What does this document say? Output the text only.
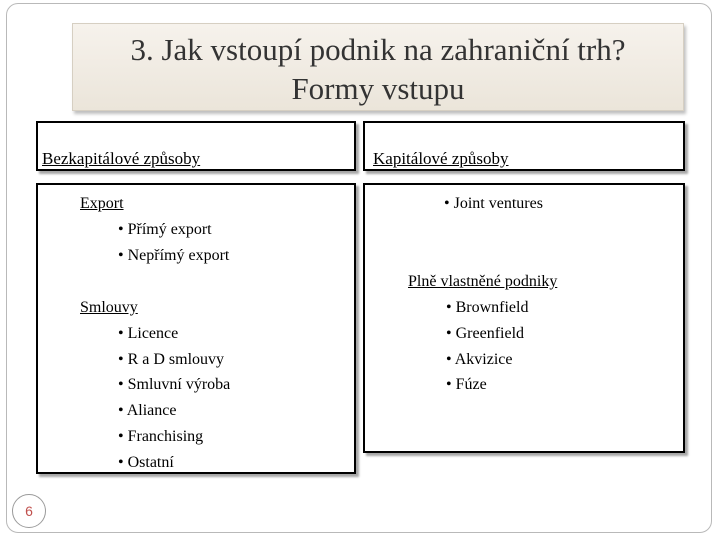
3. Jak vstoupí podnik na zahraniční trh?
Formy vstupu
Bezkapitálové způsoby	Kapitálové způsoby
Export
• Přímý export
• Nepřímý export
Smlouvy
• Licence
• R a D smlouvy
• Smluvní výroba
• Aliance
• Franchising
• Ostatní
• Joint ventures
Plně vlastněné podniky
• Brownfield
• Greenfield
• Akvizice
• Fúze
6
